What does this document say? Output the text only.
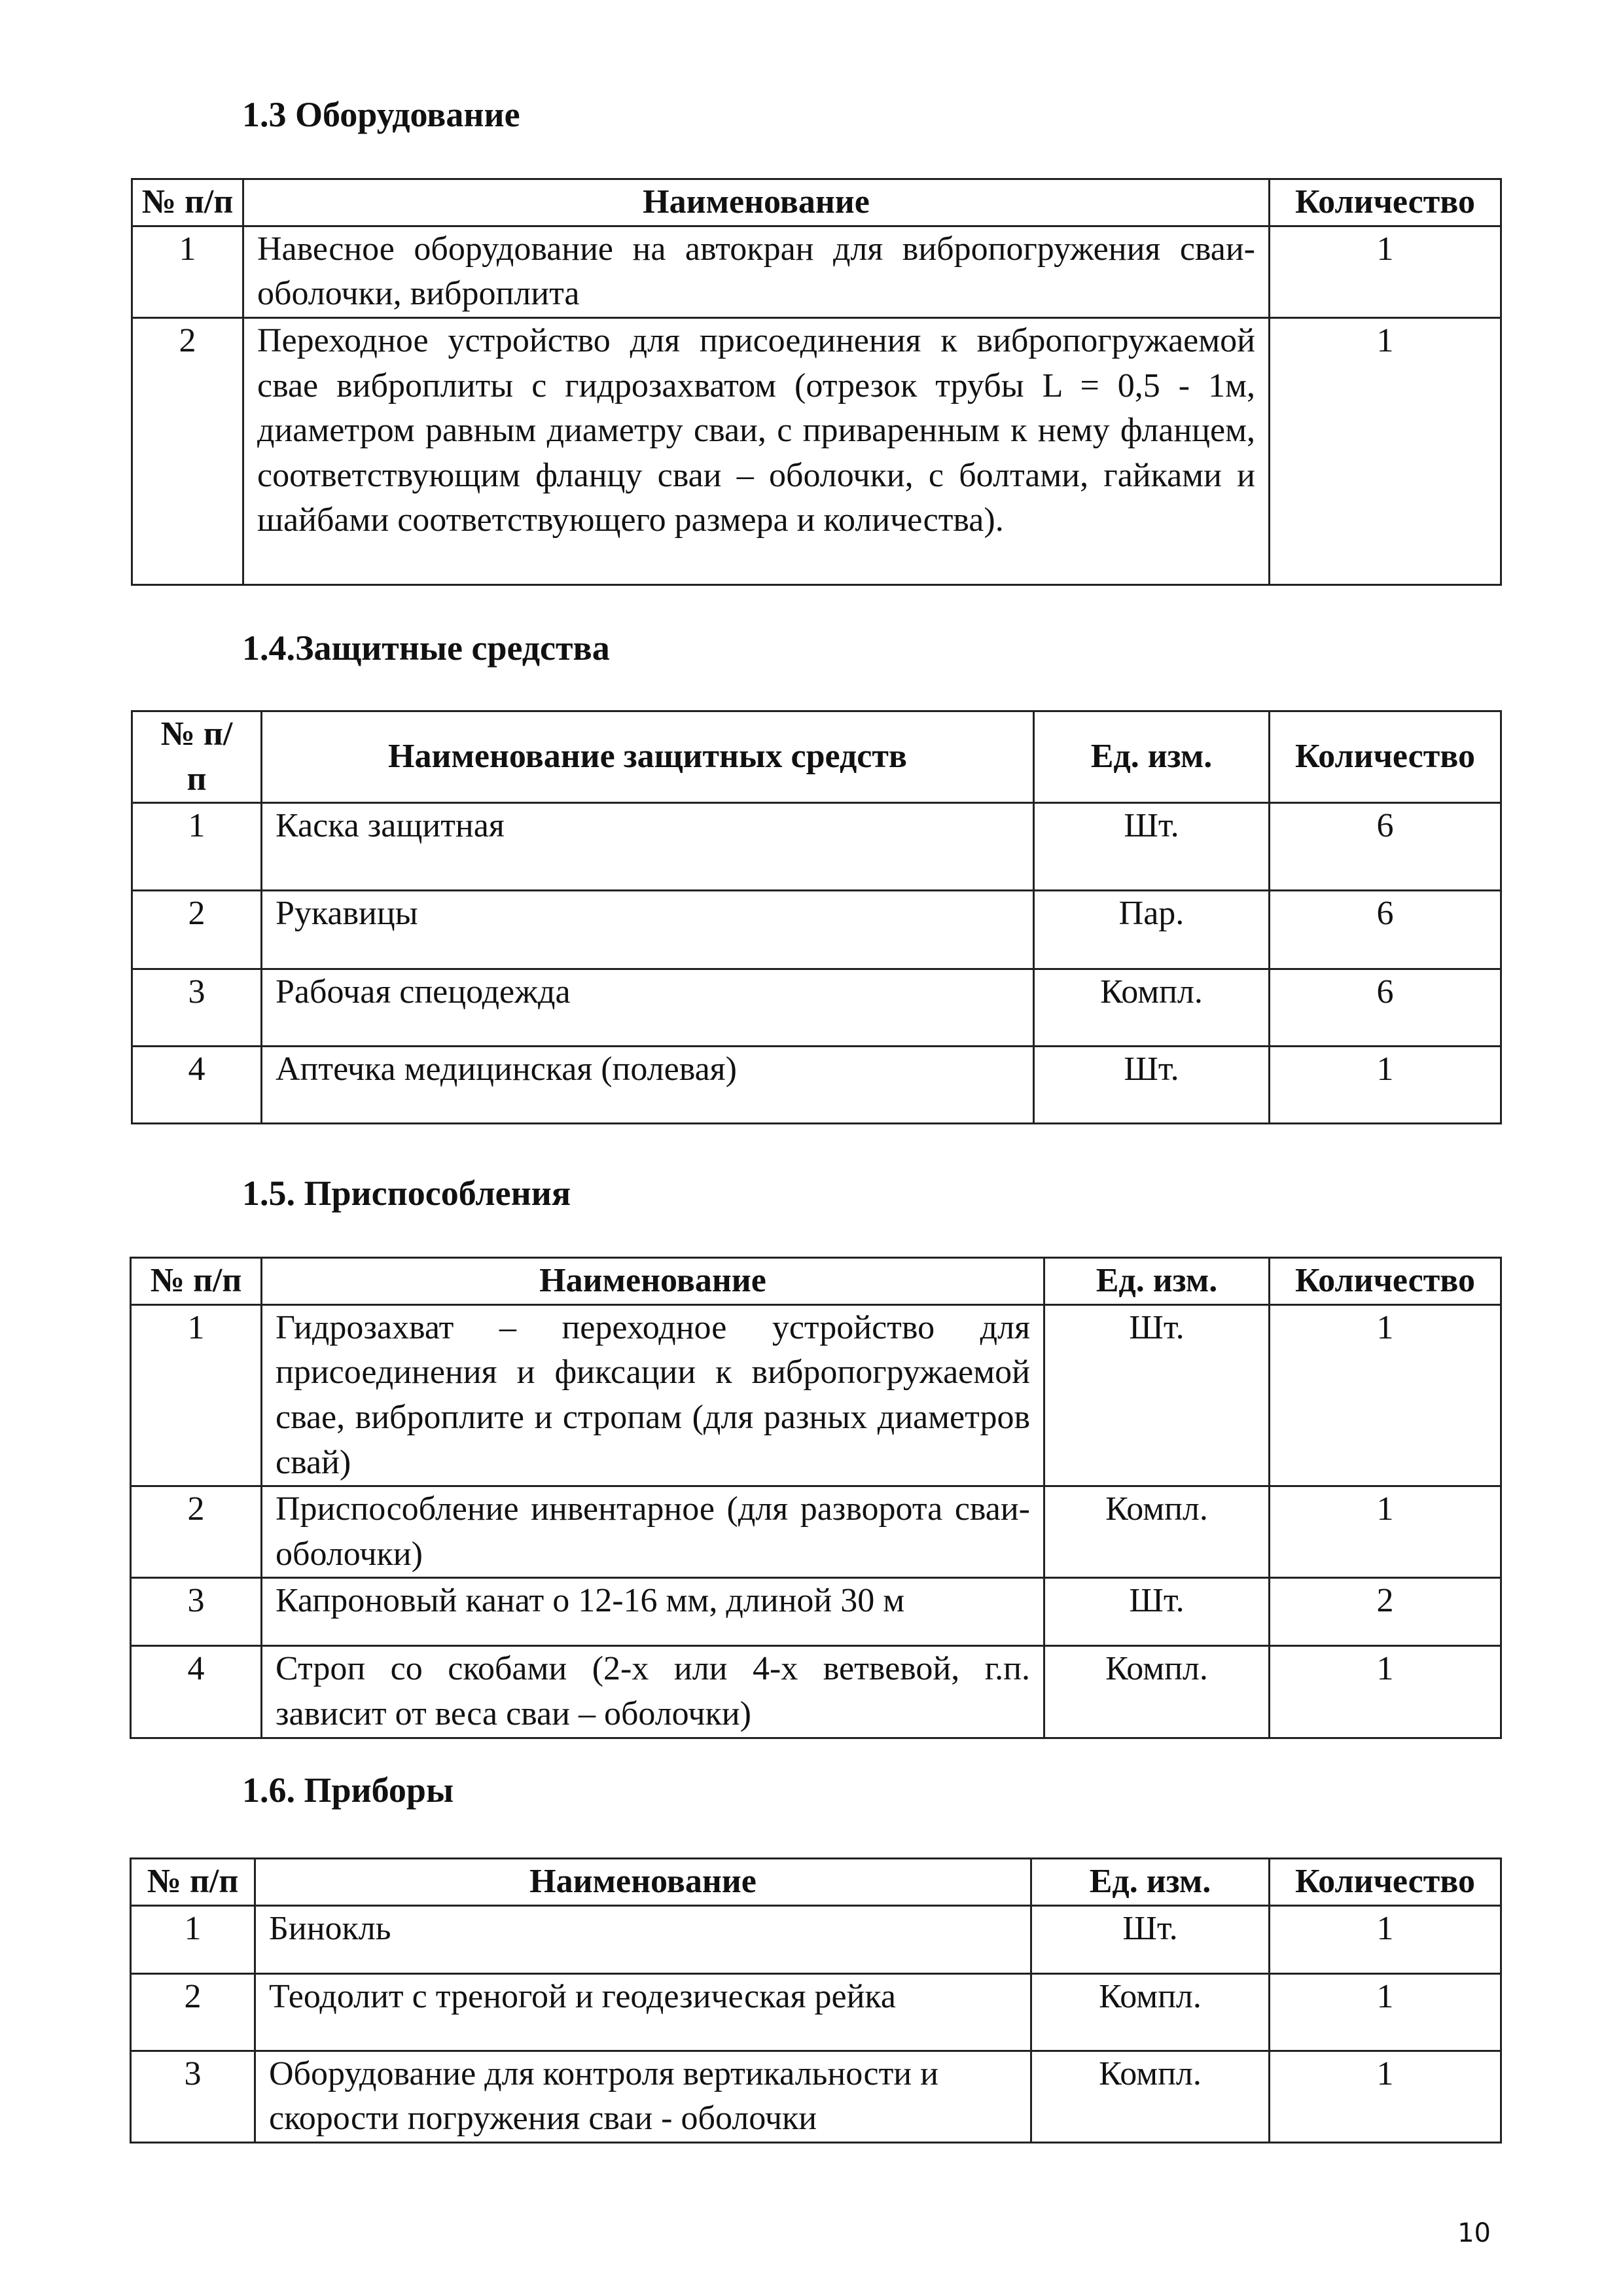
1.3 Оборудование
№ п/п	Наименование	Количество
1	Навесное оборудование на автокран для вибропогружения сваи- оболочки, виброплита	1
2	Переходное устройство для присоединения к вибропогружаемой свае виброплиты с гидрозахватом (отрезок трубы L = 0,5 - 1м, диаметром равным диаметру сваи, с приваренным к нему фланцем, соответствующим фланцу сваи – оболочки, с болтами, гайками и шайбами соответствующего размера и количества).	1
1.4.Защитные средства
№ п/п	Наименование защитных средств	Ед. изм.	Количество
1	Каска защитная	Шт.	6
2	Рукавицы	Пар.	6
3	Рабочая спецодежда	Компл.	6
4	Аптечка медицинская (полевая)	Шт.	1
1.5. Приспособления
№ п/п	Наименование	Ед. изм.	Количество
1	Гидрозахват – переходное устройство для присоединения и фиксации к вибропогружаемой свае, виброплите и стропам (для разных диаметров свай)	Шт.	1
2	Приспособление инвентарное (для разворота сваи-оболочки)	Компл.	1
3	Капроновый канат о 12-16 мм, длиной 30 м	Шт.	2
4	Строп со скобами (2-х или 4-х ветвевой, г.п. зависит от веса сваи – оболочки)	Компл.	1
1.6. Приборы
№ п/п	Наименование	Ед. изм.	Количество
1	Бинокль	Шт.	1
2	Теодолит с треногой и геодезическая рейка	Компл.	1
3	Оборудование для контроля вертикальности и скорости погружения сваи - оболочки	Компл.	1
10
